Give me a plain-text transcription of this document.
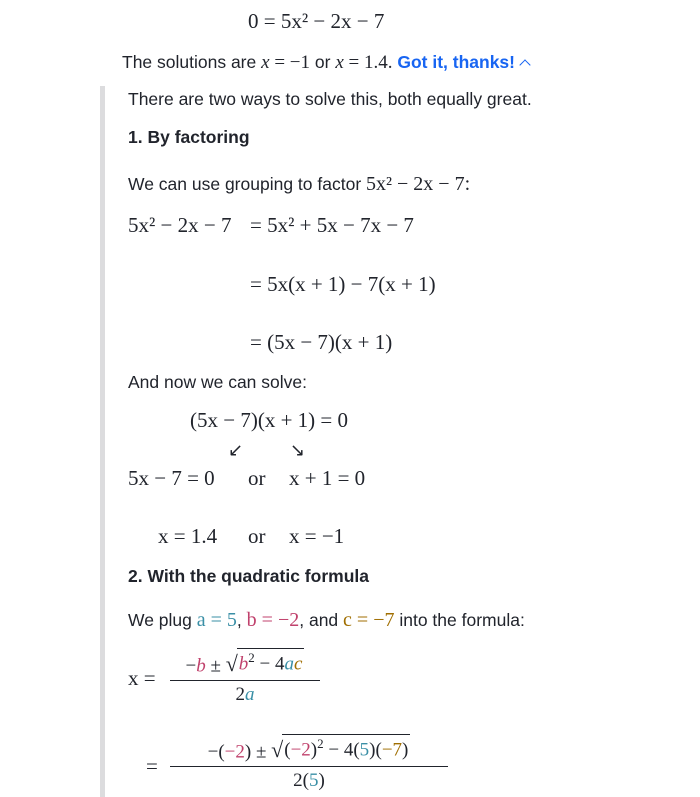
0 = 5x² − 2x − 7
The solutions are x = −1 or x = 1.4. Got it, thanks!
There are two ways to solve this, both equally great.
1. By factoring
We can use grouping to factor 5x² − 2x − 7:
5x² − 2x − 7 = 5x² + 5x − 7x − 7
= 5x(x + 1) − 7(x + 1)
= (5x − 7)(x + 1)
And now we can solve:
(5x − 7)(x + 1) = 0
↙	↘
5x − 7 = 0 or x + 1 = 0
x = 1.4 or x = −1
2. With the quadratic formula
We plug a = 5, b = −2, and c = −7 into the formula:
$x = \frac{-b \pm √ b^2 - 4ac}{2a}$
= $\frac{-(-2) \pm √ (-2)^2 - 4(5)(-7)}{2(5)}$
